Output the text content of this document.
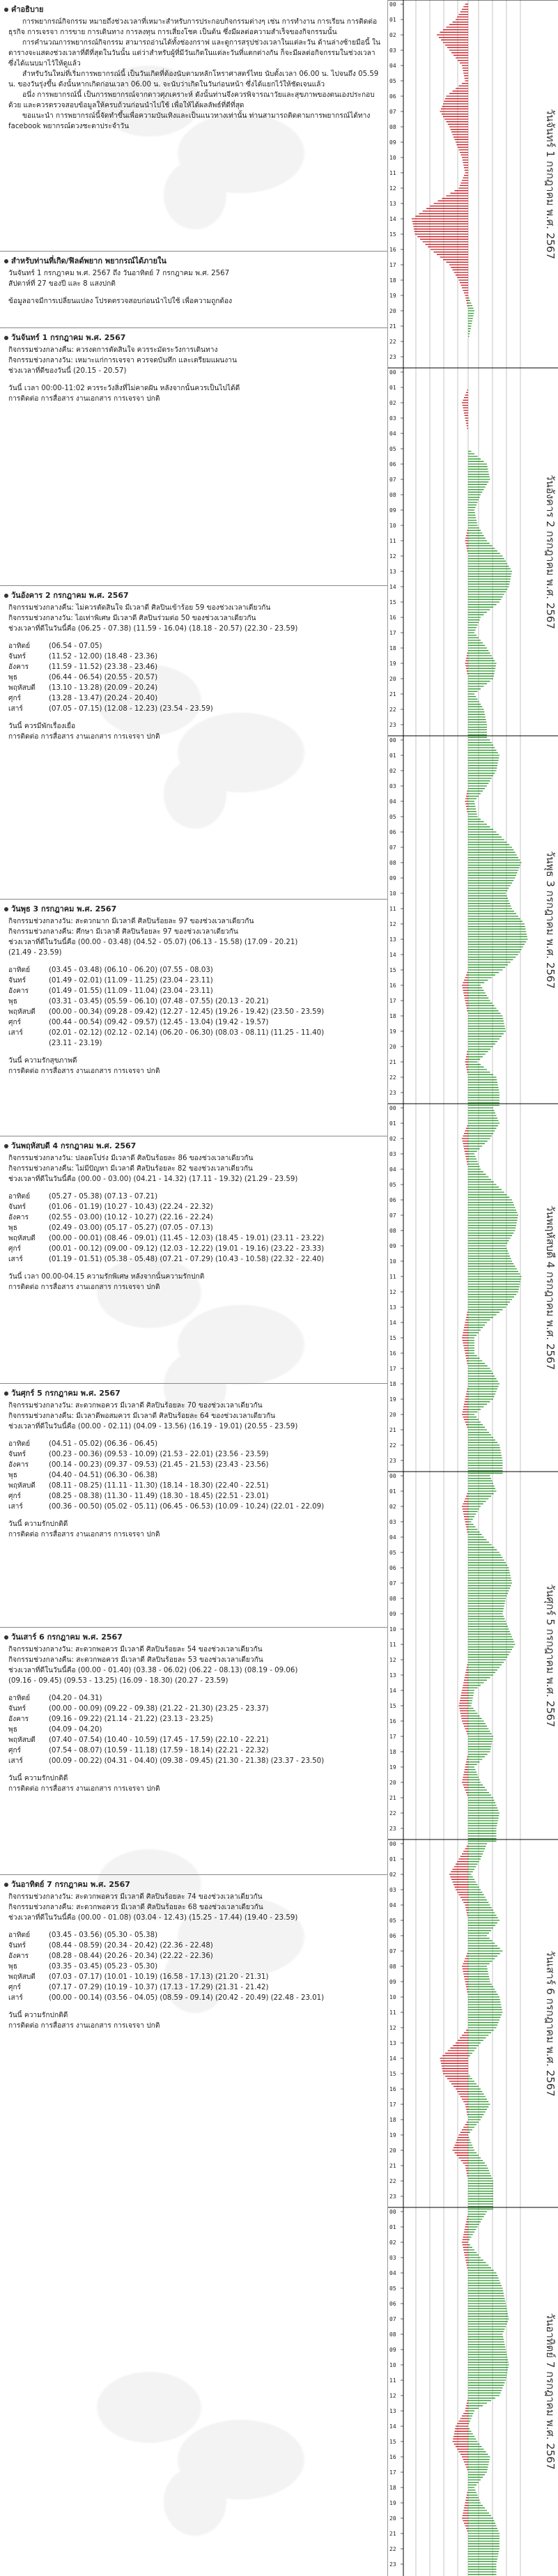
คำอธิบาย
การพยากรณ์กิจกรรม หมายถึงช่วงเวลาที่เหมาะสำหรับการประกอบกิจกรรมต่างๆ เช่น การทำงาน การเรียน การติดต่อธุรกิจ การเจรจา การขาย การเดินทาง การลงทุน การเสี่ยงโชค เป็นต้น ซึ่งมีผลต่อความสำเร็จของกิจกรรมนั้น
การคำนวณการพยากรณ์กิจกรรม สามารถอ่านได้ทั้งช่องกราฟ และดูการสรุปช่วงเวลาในแต่ละวัน ด้านล่างซ้ายมือนี้ ในตารางจะแสดงช่วงเวลาที่ดีที่สุดในวันนั้น แต่ว่าสำหรับผู้ที่มีวันเกิดในแต่ละวันที่แตกต่างกัน ก็จะมีผลต่อกิจกรรมในช่วงเวลา ซึ่งได้แนบมาไว้ให้ดูแล้ว
สำหรับวันใหม่ที่เริ่มการพยากรณ์นี้ เป็นวันเกิดที่ต้องนับตามหลักโหราศาสตร์ไทย นับตั้งเวลา 06.00 น. ไปจนถึง 05.59 น. ของวันรุ่งขึ้น ดังนั้นหากเกิดก่อนเวลา 06.00 น. จะนับว่าเกิดในวันก่อนหน้า ซึ่งได้แยกไว้ให้ชัดเจนแล้ว
อนึ่ง การพยากรณ์นี้ เป็นการพยากรณ์จากดาวศุภเคราะห์ ดังนั้นท่านจึงควรพิจารณาวัยและสุขภาพของตนเองประกอบด้วย และควรตรวจสอบข้อมูลให้ครบถ้วนก่อนนำไปใช้ เพื่อให้ได้ผลลัพธ์ที่ดีที่สุด
ขอแนะนำ การพยากรณ์นี้จัดทำขึ้นเพื่อความบันเทิงและเป็นแนวทางเท่านั้น ท่านสามารถติดตามการพยากรณ์ได้ทาง facebook พยากรณ์ดวงชะตาประจำวัน
สำหรับท่านที่เกิด/ฟิลด์พยาก พยากรณ์ได้ภายใน
วันจันทร์ 1 กรกฎาคม พ.ศ. 2567 ถึง วันอาทิตย์ 7 กรกฎาคม พ.ศ. 2567
สัปดาห์ที่ 27 ของปี และ 8 แสงปกติ
ข้อมูลอาจมีการเปลี่ยนแปลง โปรดตรวจสอบก่อนนำไปใช้ เพื่อความถูกต้อง
วันจันทร์ 1 กรกฎาคม พ.ศ. 2567
กิจกรรมช่วงกลางคืน: ควรงดการตัดสินใจ ควรระมัดระวังการเดินทาง
กิจกรรมช่วงกลางวัน: เหมาะแก่การเจรจา ควรจดบันทึก และเตรียมแผนงาน
ช่วงเวลาที่ดีของวันนี้ (20.15 - 20.57)
วันนี้ เวลา 00:00-11:02 ควรระวังสิ่งที่ไม่คาดฝัน หลังจากนั้นควรเป็นไปได้ดี
การติดต่อ การสื่อสาร งานเอกสาร การเจรจา ปกติ
วันอังคาร 2 กรกฎาคม พ.ศ. 2567
กิจกรรมช่วงกลางคืน: ไม่ควรตัดสินใจ มีเวลาดี ศิลปินเข้าร้อย 59 ของช่วงเวลาเดียวกัน
กิจกรรมช่วงกลางวัน: ไอเท่าพิเศษ มีเวลาดี ศิลปินร่วมต่อ 50 ของช่วงเวลาเดียวกัน
ช่วงเวลาที่ดีในวันนี้คือ (06.25 - 07.38) (11.59 - 16.04) (18.18 - 20.57) (22.30 - 23.59)
อาทิตย์	(06.54 - 07.05)
จันทร์	(11.52 - 12.00) (18.48 - 23.36)
อังคาร	(11.59 - 11.52) (23.38 - 23.46)
พุธ	(06.44 - 06.54) (20.55 - 20.57)
พฤหัสบดี	(13.10 - 13.28) (20.09 - 20.24)
ศุกร์	(13.28 - 13.47) (20.24 - 20.40)
เสาร์	(07.05 - 07.15) (12.08 - 12.23) (23.54 - 23.59)
วันนี้ ควรมีพักเรื่องเยื่อ
การติดต่อ การสื่อสาร งานเอกสาร การเจรจา ปกติ
วันพุธ 3 กรกฎาคม พ.ศ. 2567
กิจกรรมช่วงกลางวัน: สะดวกมาก มีเวลาดี ศิลปินร้อยละ 97 ของช่วงเวลาเดียวกัน
กิจกรรมช่วงกลางคืน: ศึกษา มีเวลาดี ศิลปินร้อยละ 97 ของช่วงเวลาเดียวกัน
ช่วงเวลาที่ดีในวันนี้คือ (00.00 - 03.48) (04.52 - 05.07) (06.13 - 15.58) (17.09 - 20.21)
(21.49 - 23.59)
อาทิตย์	(03.45 - 03.48) (06.10 - 06.20) (07.55 - 08.03)
จันทร์	(01.49 - 02.01) (11.09 - 11.25) (23.04 - 23.11)
อังคาร	(01.49 - 01.55) (11.09 - 11.04) (23.04 - 23.11)
พุธ	(03.31 - 03.45) (05.59 - 06.10) (07.48 - 07.55) (20.13 - 20.21)
พฤหัสบดี	(00.00 - 00.34) (09.28 - 09.42) (12.27 - 12.45) (19.26 - 19.42) (23.50 - 23.59)
ศุกร์	(00.44 - 00.54) (09.42 - 09.57) (12.45 - 13.04) (19.42 - 19.57)
เสาร์	(02.01 - 02.12) (02.12 - 02.14) (06.20 - 06.30) (08.03 - 08.11) (11.25 - 11.40)
(23.11 - 23.19)
วันนี้ ความรักสุขภาพดี
การติดต่อ การสื่อสาร งานเอกสาร การเจรจา ปกติ
วันพฤหัสบดี 4 กรกฎาคม พ.ศ. 2567
กิจกรรมช่วงกลางวัน: ปลอดโปร่ง มีเวลาดี ศิลปินร้อยละ 86 ของช่วงเวลาเดียวกัน
กิจกรรมช่วงกลางคืน: ไม่มีปัญหา มีเวลาดี ศิลปินร้อยละ 82 ของช่วงเวลาเดียวกัน
ช่วงเวลาที่ดีในวันนี้คือ (00.00 - 03.00) (04.21 - 14.32) (17.11 - 19.32) (21.29 - 23.59)
อาทิตย์	(05.27 - 05.38) (07.13 - 07.21)
จันทร์	(01.06 - 01.19) (10.27 - 10.43) (22.24 - 22.32)
อังคาร	(02.55 - 03.00) (10.12 - 10.27) (22.16 - 22.24)
พุธ	(02.49 - 03.00) (05.17 - 05.27) (07.05 - 07.13)
พฤหัสบดี	(00.00 - 00.01) (08.46 - 09.01) (11.45 - 12.03) (18.45 - 19.01) (23.11 - 23.22)
ศุกร์	(00.01 - 00.12) (09.00 - 09.12) (12.03 - 12.22) (19.01 - 19.16) (23.22 - 23.33)
เสาร์	(01.19 - 01.51) (05.38 - 05.48) (07.21 - 07.29) (10.43 - 10.58) (22.32 - 22.40)
วันนี้ เวลา 00.00-04.15 ความรักพิเศษ หลังจากนั้นความรักปกติ
การติดต่อ การสื่อสาร งานเอกสาร การเจรจา ปกติ
วันศุกร์ 5 กรกฎาคม พ.ศ. 2567
กิจกรรมช่วงกลางวัน: สะดวกพอควร มีเวลาดี ศิลปินร้อยละ 70 ของช่วงเวลาเดียวกัน
กิจกรรมช่วงกลางคืน: มีเวลาดีพอสมควร มีเวลาดี ศิลปินร้อยละ 64 ของช่วงเวลาเดียวกัน
ช่วงเวลาที่ดีในวันนี้คือ (00.00 - 02.11) (04.09 - 13.56) (16.19 - 19.01) (20.55 - 23.59)
อาทิตย์	(04.51 - 05.02) (06.36 - 06.45)
จันทร์	(00.23 - 00.36) (09.53 - 10.09) (21.53 - 22.01) (23.56 - 23.59)
อังคาร	(00.14 - 00.23) (09.37 - 09.53) (21.45 - 21.53) (23.43 - 23.56)
พุธ	(04.40 - 04.51) (06.30 - 06.38)
พฤหัสบดี	(08.11 - 08.25) (11.11 - 11.30) (18.14 - 18.30) (22.40 - 22.51)
ศุกร์	(08.25 - 08.38) (11.30 - 11.49) (18.30 - 18.45) (22.51 - 23.01)
เสาร์	(00.36 - 00.50) (05.02 - 05.11) (06.45 - 06.53) (10.09 - 10.24) (22.01 - 22.09)
วันนี้ ความรักปกติดี
การติดต่อ การสื่อสาร งานเอกสาร การเจรจา ปกติ
วันเสาร์ 6 กรกฎาคม พ.ศ. 2567
กิจกรรมช่วงกลางวัน: สะดวกพอควร มีเวลาดี ศิลปินร้อยละ 54 ของช่วงเวลาเดียวกัน
กิจกรรมช่วงกลางคืน: สะดวกพอควร มีเวลาดี ศิลปินร้อยละ 53 ของช่วงเวลาเดียวกัน
ช่วงเวลาที่ดีในวันนี้คือ (00.00 - 01.40) (03.38 - 06.02) (06.22 - 08.13) (08.19 - 09.06)
(09.16 - 09.45) (09.53 - 13.25) (16.09 - 18.30) (20.27 - 23.59)
อาทิตย์	(04.20 - 04.31)
จันทร์	(00.00 - 00.09) (09.22 - 09.38) (21.22 - 21.30) (23.25 - 23.37)
อังคาร	(09.16 - 09.22) (21.14 - 21.22) (23.13 - 23.25)
พุธ	(04.09 - 04.20)
พฤหัสบดี	(07.40 - 07.54) (10.40 - 10.59) (17.45 - 17.59) (22.10 - 22.21)
ศุกร์	(07.54 - 08.07) (10.59 - 11.18) (17.59 - 18.14) (22.21 - 22.32)
เสาร์	(00.09 - 00.22) (04.31 - 04.40) (09.38 - 09.45) (21.30 - 21.38) (23.37 - 23.50)
วันนี้ ความรักปกติดี
การติดต่อ การสื่อสาร งานเอกสาร การเจรจา ปกติ
วันอาทิตย์ 7 กรกฎาคม พ.ศ. 2567
กิจกรรมช่วงกลางวัน: สะดวกพอควร มีเวลาดี ศิลปินร้อยละ 74 ของช่วงเวลาเดียวกัน
กิจกรรมช่วงกลางคืน: สะดวกพอควร มีเวลาดี ศิลปินร้อยละ 68 ของช่วงเวลาเดียวกัน
ช่วงเวลาที่ดีในวันนี้คือ (00.00 - 01.08) (03.04 - 12.43) (15.25 - 17.44) (19.40 - 23.59)
อาทิตย์	(03.45 - 03.56) (05.30 - 05.38)
จันทร์	(08.44 - 08.59) (20.34 - 20.42) (22.36 - 22.48)
อังคาร	(08.28 - 08.44) (20.26 - 20.34) (22.22 - 22.36)
พุธ	(03.35 - 03.45) (05.23 - 05.30)
พฤหัสบดี	(07.03 - 07.17) (10.01 - 10.19) (16.58 - 17.13) (21.20 - 21.31)
ศุกร์	(07.17 - 07.29) (10.19 - 10.37) (17.13 - 17.29) (21.31 - 21.42)
เสาร์	(00.00 - 00.14) (03.56 - 04.05) (08.59 - 09.14) (20.42 - 20.49) (22.48 - 23.01)
วันนี้ ความรักปกติดี
การติดต่อ การสื่อสาร งานเอกสาร การเจรจา ปกติ
วันจันทร์ 1 กรกฎาคม พ.ศ. 2567
00
01
02
03
04
05
06
07
08
09
10
11
12
13
14
15
16
17
18
19
20
21
22
23
วันอังคาร 2 กรกฎาคม พ.ศ. 2567
00
01
02
03
04
05
06
07
08
09
10
11
12
13
14
15
16
17
18
19
20
21
22
23
วันพุธ 3 กรกฎาคม พ.ศ. 2567
00
01
02
03
04
05
06
07
08
09
10
11
12
13
14
15
16
17
18
19
20
21
22
23
วันพฤหัสบดี 4 กรกฎาคม พ.ศ. 2567
00
01
02
03
04
05
06
07
08
09
10
11
12
13
14
15
16
17
18
19
20
21
22
23
วันศุกร์ 5 กรกฎาคม พ.ศ. 2567
00
01
02
03
04
05
06
07
08
09
10
11
12
13
14
15
16
17
18
19
20
21
22
23
วันเสาร์ 6 กรกฎาคม พ.ศ. 2567
00
01
02
03
04
05
06
07
08
09
10
11
12
13
14
15
16
17
18
19
20
21
22
23
วันอาทิตย์ 7 กรกฎาคม พ.ศ. 2567
00
01
02
03
04
05
06
07
08
09
10
11
12
13
14
15
16
17
18
19
20
21
22
23
